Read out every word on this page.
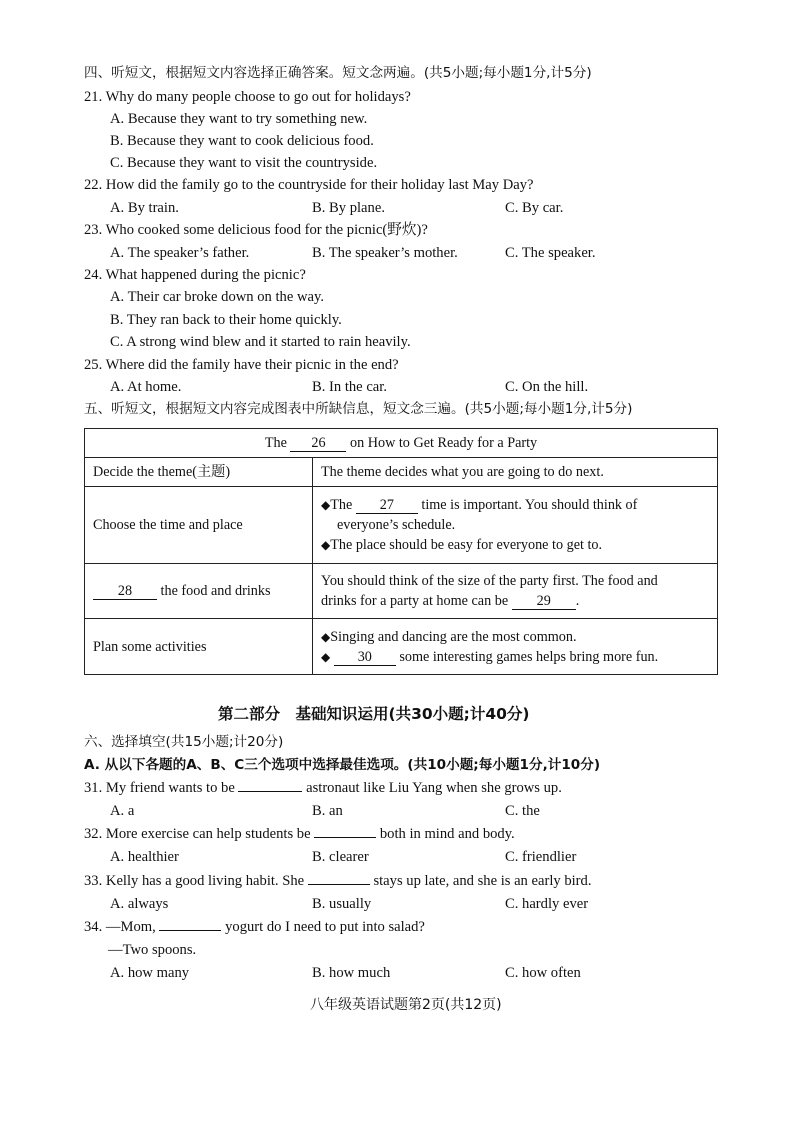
四、听短文，根据短文内容选择正确答案。短文念两遍。(共5小题;每小题1分,计5分)
21. Why do many people choose to go out for holidays?
A. Because they want to try something new.
B. Because they want to cook delicious food.
C. Because they want to visit the countryside.
22. How did the family go to the countryside for their holiday last May Day?
A. By train.	B. By plane.	C. By car.
23. Who cooked some delicious food for the picnic(野炊)?
A. The speaker’s father.	B. The speaker’s mother.	C. The speaker.
24. What happened during the picnic?
A. Their car broke down on the way.
B. They ran back to their home quickly.
C. A strong wind blew and it started to rain heavily.
25. Where did the family have their picnic in the end?
A. At home.	B. In the car.	C. On the hill.
五、听短文，根据短文内容完成图表中所缺信息，短文念三遍。(共5小题;每小题1分,计5分)
The 26 on How to Get Ready for a Party	
Decide the theme(主题)	The theme decides what you are going to do next.
Choose the time and place	◆The 27 time is important. You should think of
everyone’s schedule.
◆The place should be easy for everyone to get to.

28 the food and drinks	You should think of the size of the party first. The food and
drinks for a party at home can be 29 .

Plan some activities	◆Singing and dancing are the most common.
◆ 30 some interesting games helps bring more fun.
第二部分　基础知识运用(共30小题;计40分)
六、选择填空(共15小题;计20分)
A. 从以下各题的A、B、C三个选项中选择最佳选项。(共10小题;每小题1分,计10分)
31. My friend wants to be	astronaut like Liu Yang when she grows up.
A. a	B. an	C. the
32. More exercise can help students be	both in mind and body.
A. healthier	B. clearer	C. friendlier
33. Kelly has a good living habit. She	stays up late, and she is an early bird.
A. always	B. usually	C. hardly ever
34. —Mom,	yogurt do I need to put into salad?
—Two spoons.
A. how many	B. how much	C. how often
八年级英语试题第2页(共12页)
